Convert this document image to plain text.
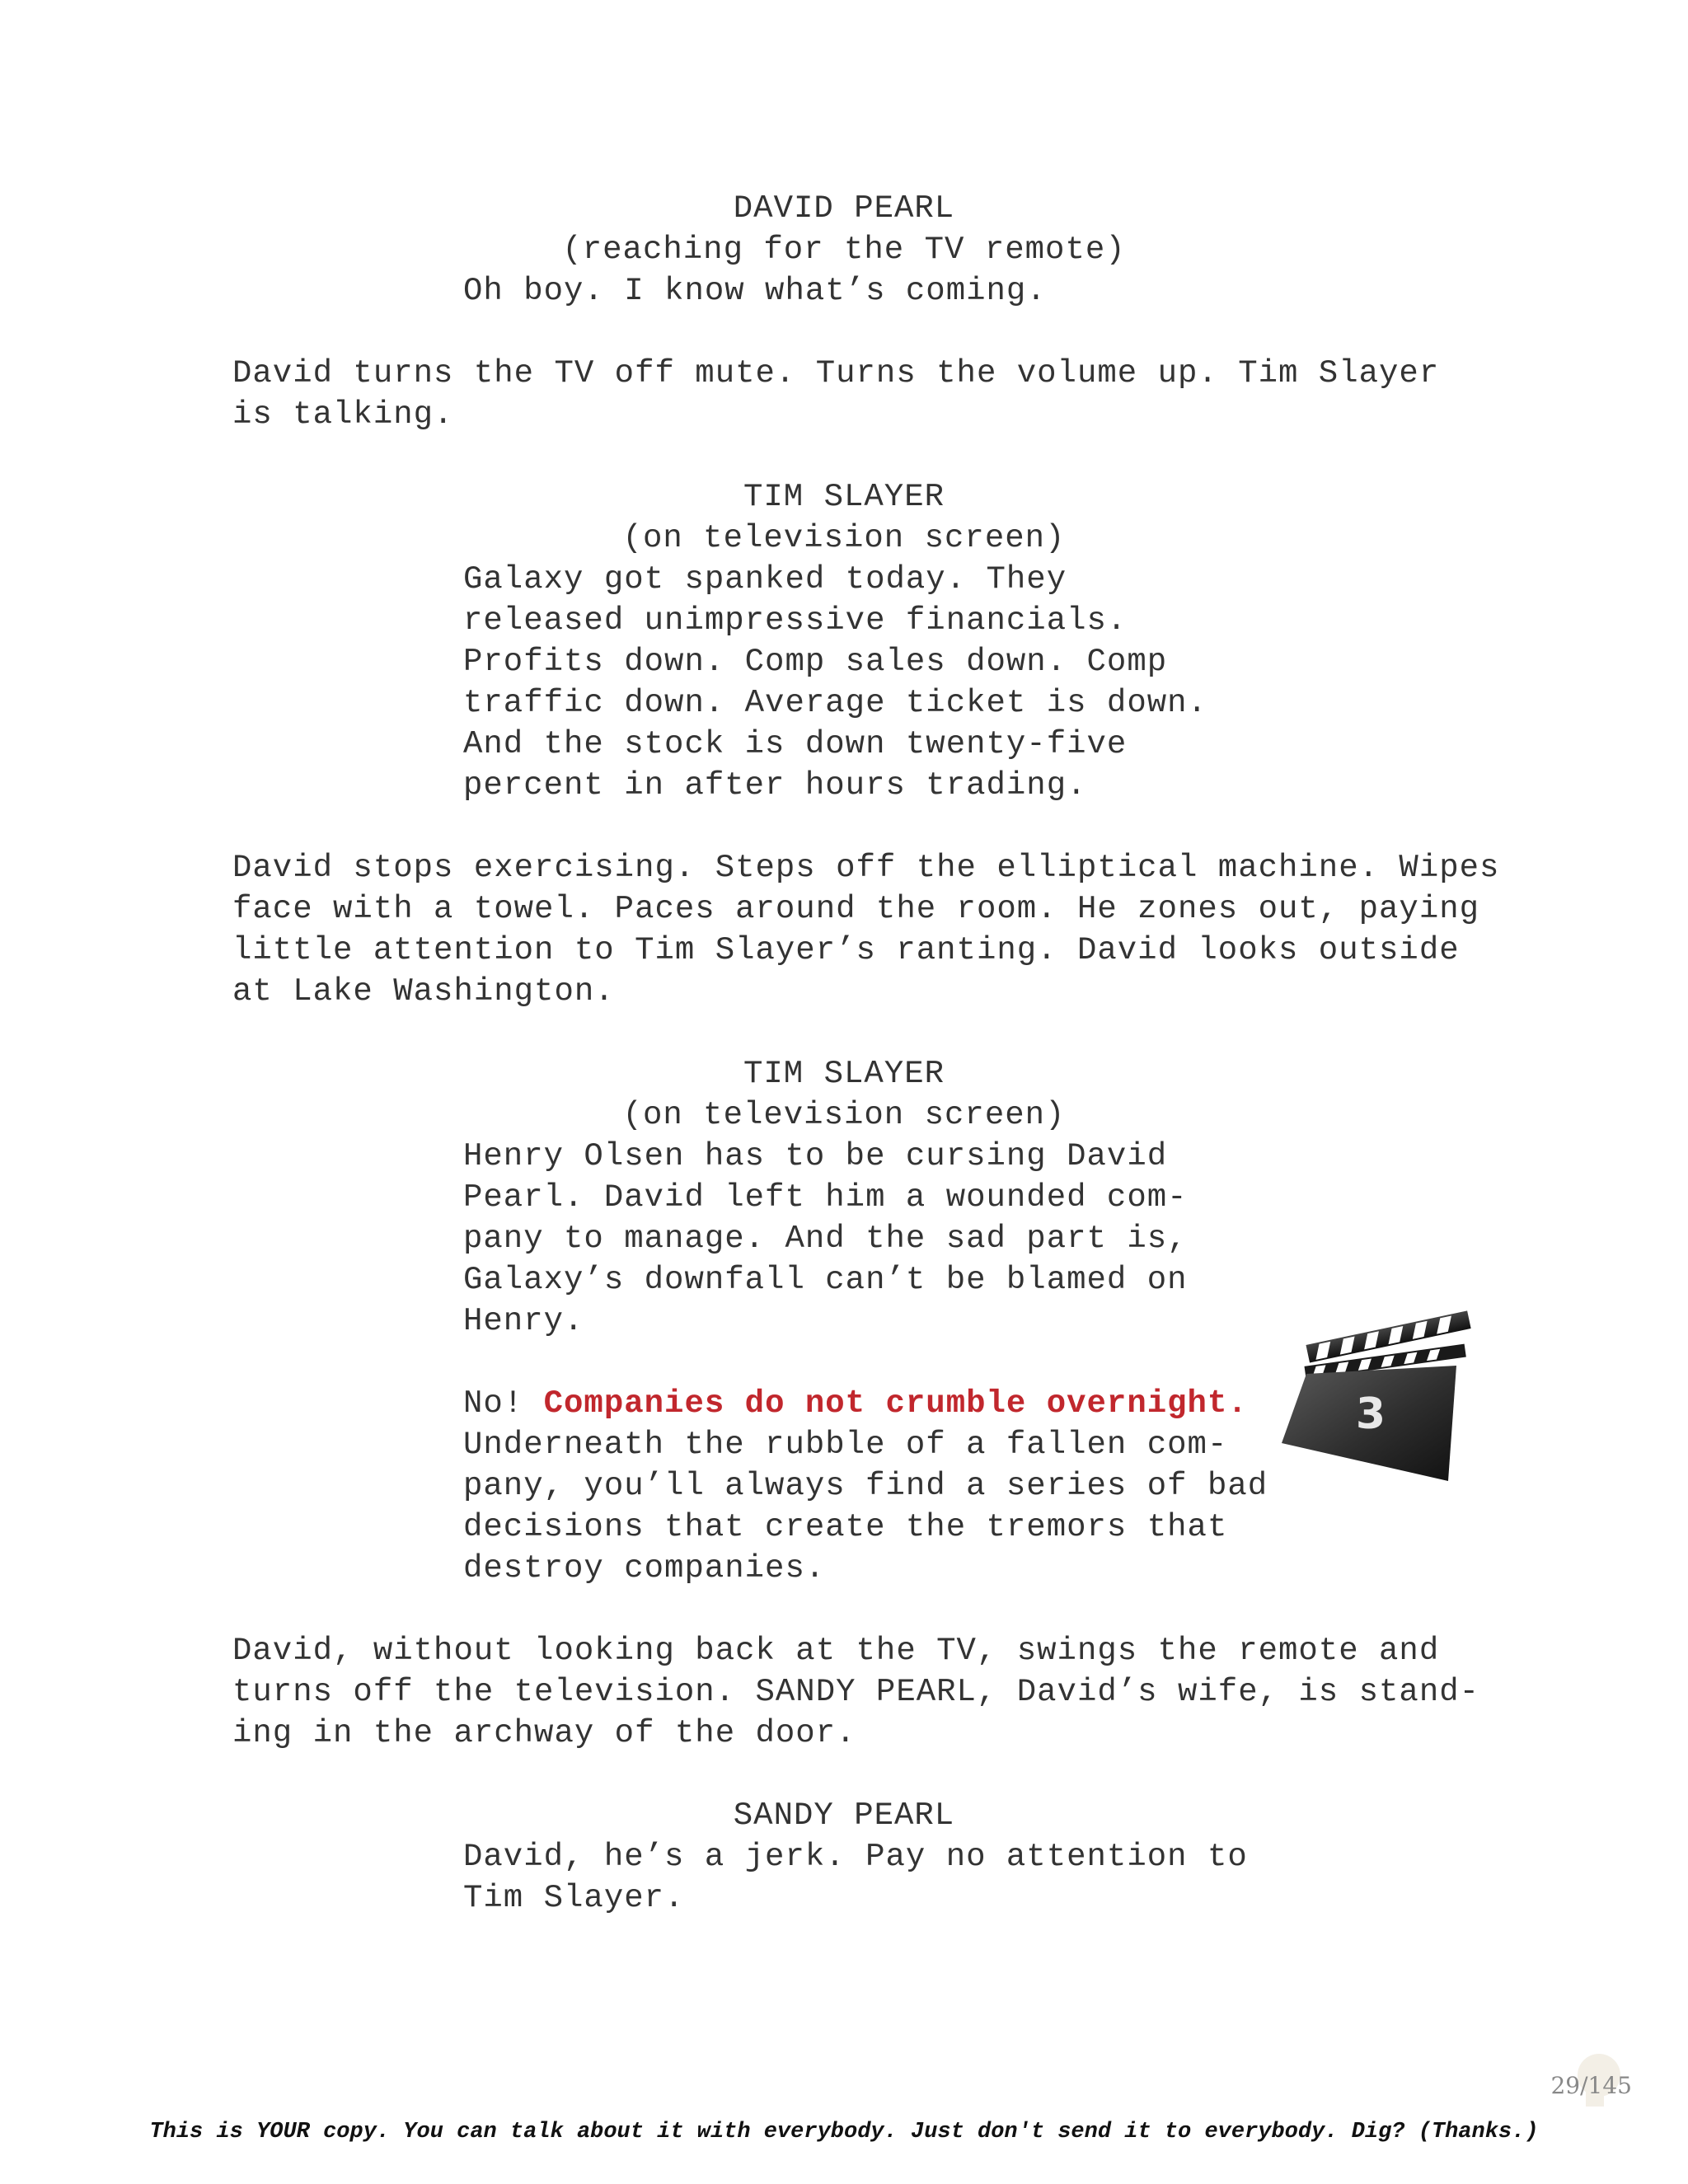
DAVID PEARL
(reaching for the TV remote)
Oh boy. I know what’s coming.
David turns the TV off mute. Turns the volume up. Tim Slayer
is talking.
TIM SLAYER
(on television screen)
Galaxy got spanked today. They
released unimpressive financials.
Profits down. Comp sales down. Comp
traffic down. Average ticket is down.
And the stock is down twenty-five
percent in after hours trading.
David stops exercising. Steps off the elliptical machine. Wipes
face with a towel. Paces around the room. He zones out, paying
little attention to Tim Slayer’s ranting. David looks outside
at Lake Washington.
TIM SLAYER
(on television screen)
Henry Olsen has to be cursing David
Pearl. David left him a wounded com-
pany to manage. And the sad part is,
Galaxy’s downfall can’t be blamed on
Henry.
No! Companies do not crumble overnight.
Underneath the rubble of a fallen com-
pany, you’ll always find a series of bad
decisions that create the tremors that
destroy companies.
David, without looking back at the TV, swings the remote and
turns off the television. SANDY PEARL, David’s wife, is stand-
ing in the archway of the door.
SANDY PEARL
David, he’s a jerk. Pay no attention to
Tim Slayer.
3
29/145
This is YOUR copy. You can talk about it with everybody. Just don't send it to everybody. Dig? (Thanks.)
